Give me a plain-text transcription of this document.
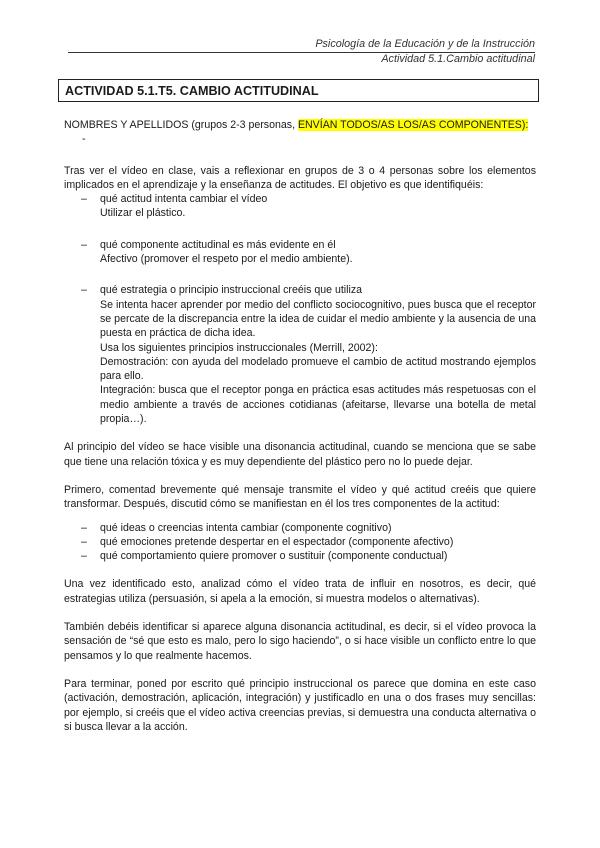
Psicología de la Educación y de la Instrucción
Actividad 5.1.Cambio actitudinal
ACTIVIDAD 5.1.T5. CAMBIO ACTITUDINAL
NOMBRES Y APELLIDOS (grupos 2-3 personas, ENVÍAN TODOS/AS LOS/AS COMPONENTES):
-
Tras ver el vídeo en clase, vais a reflexionar en grupos de 3 o 4 personas sobre los elementos implicados en el aprendizaje y la enseñanza de actitudes. El objetivo es que identifiquéis:
– qué actitud intenta cambiar el vídeo
Utilizar el plástico.
– qué componente actitudinal es más evidente en él
Afectivo (promover el respeto por el medio ambiente).
– qué estrategia o principio instruccional creéis que utiliza
Se intenta hacer aprender por medio del conflicto sociocognitivo, pues busca que el receptor se percate de la discrepancia entre la idea de cuidar el medio ambiente y la ausencia de una puesta en práctica de dicha idea.
Usa los siguientes principios instruccionales (Merrill, 2002):
Demostración: con ayuda del modelado promueve el cambio de actitud mostrando ejemplos para ello.
Integración: busca que el receptor ponga en práctica esas actitudes más respetuosas con el medio ambiente a través de acciones cotidianas (afeitarse, llevarse una botella de metal propia…).
Al principio del vídeo se hace visible una disonancia actitudinal, cuando se menciona que se sabe que tiene una relación tóxica y es muy dependiente del plástico pero no lo puede dejar.
Primero, comentad brevemente qué mensaje transmite el vídeo y qué actitud creéis que quiere transformar. Después, discutid cómo se manifiestan en él los tres componentes de la actitud:
– qué ideas o creencias intenta cambiar (componente cognitivo)
– qué emociones pretende despertar en el espectador (componente afectivo)
– qué comportamiento quiere promover o sustituir (componente conductual)
Una vez identificado esto, analizad cómo el vídeo trata de influir en nosotros, es decir, qué estrategias utiliza (persuasión, si apela a la emoción, si muestra modelos o alternativas).
También debéis identificar si aparece alguna disonancia actitudinal, es decir, si el vídeo provoca la sensación de “sé que esto es malo, pero lo sigo haciendo”, o si hace visible un conflicto entre lo que pensamos y lo que realmente hacemos.
Para terminar, poned por escrito qué principio instruccional os parece que domina en este caso (activación, demostración, aplicación, integración) y justificadlo en una o dos frases muy sencillas: por ejemplo, si creéis que el vídeo activa creencias previas, si demuestra una conducta alternativa o si busca llevar a la acción.
